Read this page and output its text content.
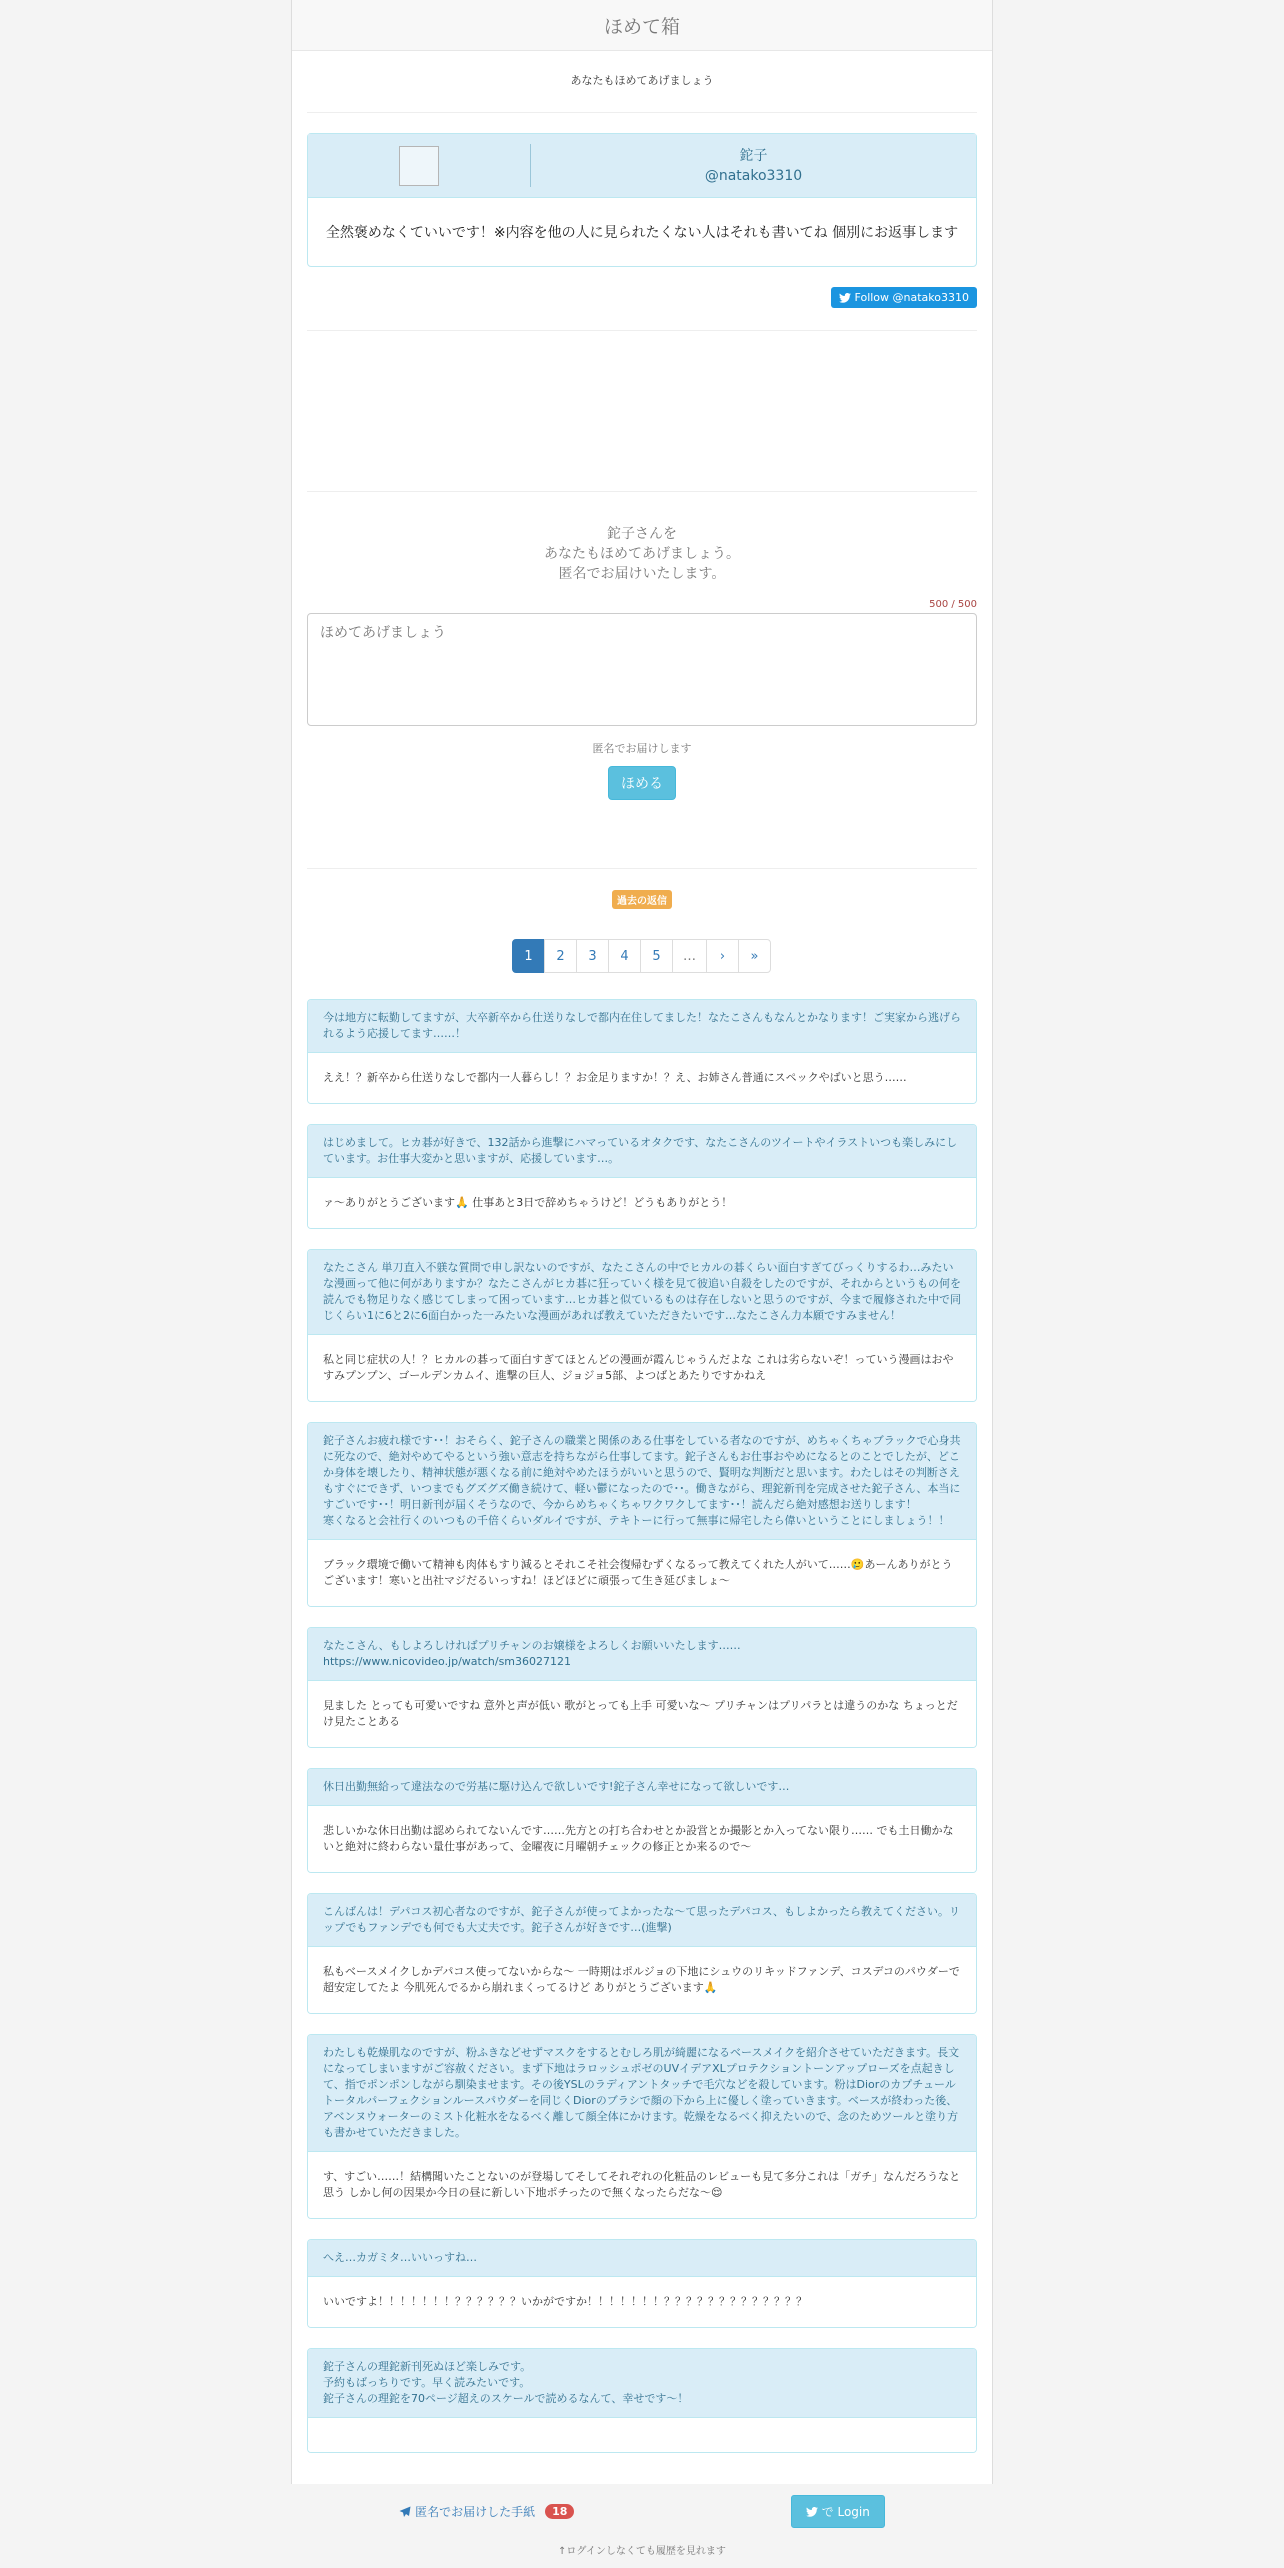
ほめて箱
あなたもほめてあげましょう
鉈子
@natako3310
全然褒めなくていいです！※内容を他の人に見られたくない人はそれも書いてね 個別にお返事します
Follow @natako3310
鉈子さんを
あなたもほめてあげましょう。
匿名でお届けいたします。
500 / 500
ほめてあげましょう
匿名でお届けします
ほめる
過去の返信
1	2	3	4	5	…	›	»
今は地方に転勤してますが、大卒新卒から仕送りなしで都内在住してました！なたこさんもなんとかなります！ご実家から逃げられるよう応援してます……！
ええ！？新卒から仕送りなしで都内一人暮らし！？お金足りますか！？え、お姉さん普通にスペックやばいと思う……
はじめまして。ヒカ碁が好きで、132話から進撃にハマっているオタクです、なたこさんのツイートやイラストいつも楽しみにしています。お仕事大変かと思いますが、応援しています…。
ァ〜ありがとうございます🙏 仕事あと3日で辞めちゃうけど！どうもありがとう！
なたこさん 単刀直入不躾な質問で申し訳ないのですが、なたこさんの中でヒカルの碁くらい面白すぎてびっくりするわ…みたいな漫画って他に何がありますか？なたこさんがヒカ碁に狂っていく様を見て彼追い自殺をしたのですが、それからというもの何を読んでも物足りなく感じてしまって困っています…ヒカ碁と似ているものは存在しないと思うのですが、今まで履修された中で同じくらい1に6と2に6面白かった一みたいな漫画があれば教えていただきたいです…なたこさん力本願ですみません！
私と同じ症状の人！？ヒカルの碁って面白すぎてほとんどの漫画が霞んじゃうんだよな これは劣らないぞ！っていう漫画はおやすみプンプン、ゴールデンカムイ、進撃の巨人、ジョジョ5部、よつばとあたりですかねえ
鉈子さんお疲れ様です･･！おそらく、鉈子さんの職業と関係のある仕事をしている者なのですが、めちゃくちゃブラックで心身共に死なので、絶対やめてやるという強い意志を持ちながら仕事してます。鉈子さんもお仕事おやめになるとのことでしたが、どこか身体を壊したり、精神状態が悪くなる前に絶対やめたほうがいいと思うので、賢明な判断だと思います。わたしはその判断さえもすぐにできず、いつまでもグズグズ働き続けて、軽い鬱になったので･･。働きながら、理鉈新刊を完成させた鉈子さん、本当にすごいです･･！明日新刊が届くそうなので、今からめちゃくちゃワクワクしてます･･！読んだら絶対感想お送りします！
寒くなると会社行くのいつもの千倍くらいダルイですが、テキトーに行って無事に帰宅したら偉いということにしましょう！！
ブラック環境で働いて精神も肉体もすり減るとそれこそ社会復帰むずくなるって教えてくれた人がいて……🥲あーんありがとうございます！寒いと出社マジだるいっすね！ほどほどに頑張って生き延びましょ〜
なたこさん、もしよろしければプリチャンのお嬢様をよろしくお願いいたします……
https://www.nicovideo.jp/watch/sm36027121
見ました とっても可愛いですね 意外と声が低い 歌がとっても上手 可愛いな〜 プリチャンはプリパラとは違うのかな ちょっとだけ見たことある
休日出勤無給って違法なので労基に駆け込んで欲しいです!鉈子さん幸せになって欲しいです…
悲しいかな休日出勤は認められてないんです……先方との打ち合わせとか設営とか撮影とか入ってない限り…… でも土日働かないと絶対に終わらない量仕事があって、金曜夜に月曜朝チェックの修正とか来るので〜
こんばんは！デパコス初心者なのですが、鉈子さんが使ってよかったな〜て思ったデパコス、もしよかったら教えてください。リップでもファンデでも何でも大丈夫です。鉈子さんが好きです…(進撃)
私もベースメイクしかデパコス使ってないからな〜 一時期はポルジョの下地にシュウのリキッドファンデ、コスデコのパウダーで超安定してたよ 今肌死んでるから崩れまくってるけど ありがとうございます🙏
わたしも乾燥肌なのですが、粉ふきなどせずマスクをするとむしろ肌が綺麗になるベースメイクを紹介させていただきます。長文になってしまいますがご容赦ください。まず下地はラロッシュポゼのUVイデアXLプロテクショントーンアップローズを点起きして、指でポンポンしながら馴染ませます。その後YSLのラディアントタッチで毛穴などを殺しています。粉はDiorのカプチュールトータルパーフェクションルースパウダーを同じくDiorのブラシで顔の下から上に優しく塗っていきます。ベースが終わった後、アベンヌウォーターのミスト化粧水をなるべく離して顔全体にかけます。乾燥をなるべく抑えたいので、念のためツールと塗り方も書かせていただきました。
す、すごい……！結構聞いたことないのが登場してそしてそれぞれの化粧品のレビューも見て多分これは「ガチ」なんだろうなと思う しかし何の因果か今日の昼に新しい下地ポチったので無くなったらだな〜😌
へえ…カガミタ…いいっすね…
いいですよ！！！！！！！？？？？？？いかがですか！！！！！！！？？？？？？？？？？？？？
鉈子さんの理鉈新刊死ぬほど楽しみです。
予約もばっちりです。早く読みたいです。
鉈子さんの理鉈を70ページ超えのスケールで読めるなんて、幸せです〜！
匿名でお届けした手紙	18	で Login
↑ログインしなくても履歴を見れます
